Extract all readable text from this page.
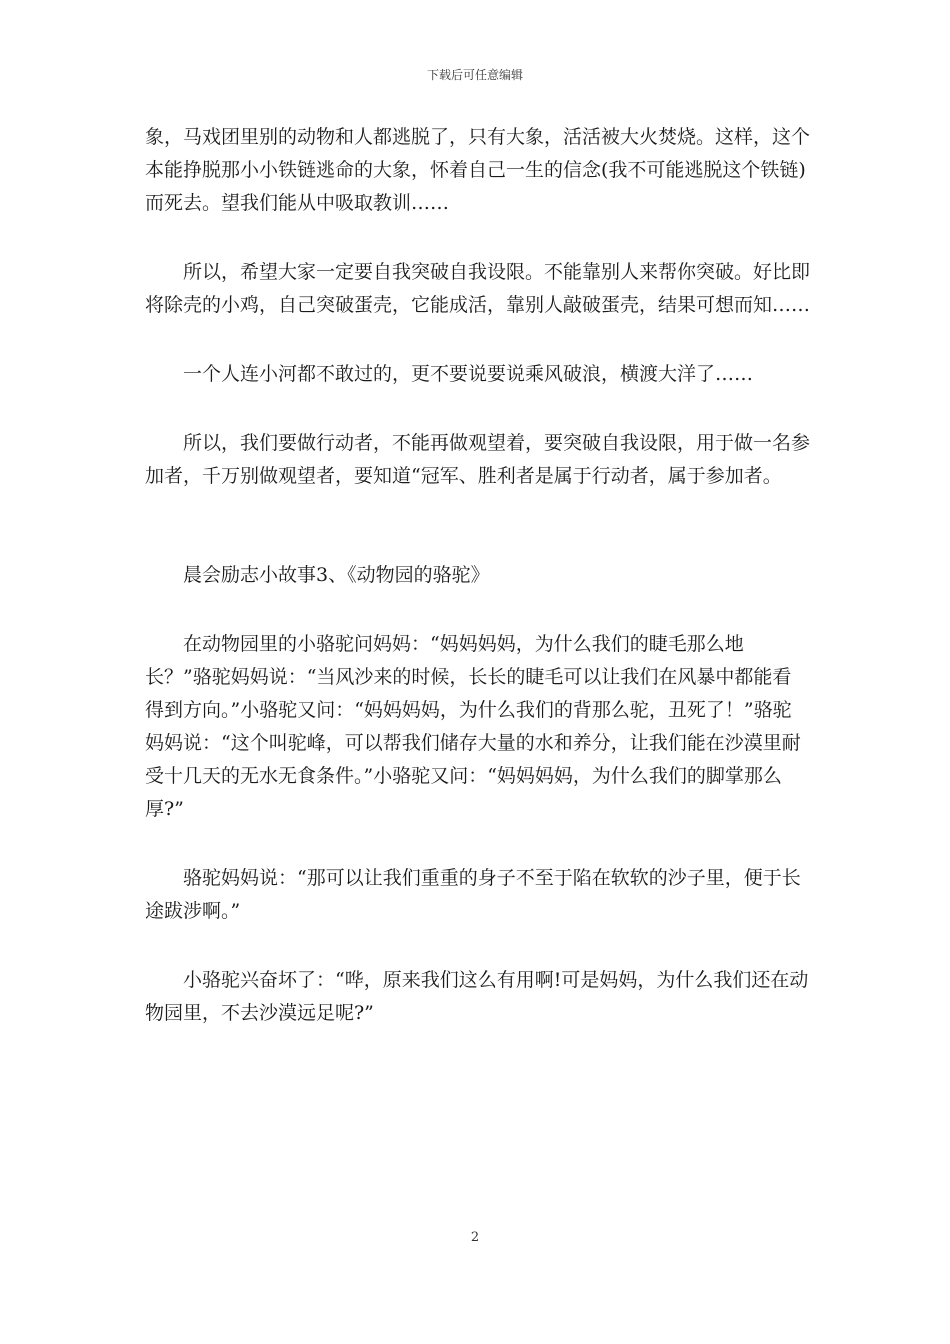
下载后可任意编辑

象，马戏团里别的动物和人都逃脱了，只有大象，活活被大火焚烧。这样，这个本能挣脱那小小铁链逃命的大象，怀着自己一生的信念(我不可能逃脱这个铁链)而死去。望我们能从中吸取教训……

所以，希望大家一定要自我突破自我设限。不能靠别人来帮你突破。好比即将除壳的小鸡，自己突破蛋壳，它能成活，靠别人敲破蛋壳，结果可想而知……

一个人连小河都不敢过的，更不要说要说乘风破浪，横渡大洋了……

所以，我们要做行动者，不能再做观望着，要突破自我设限，用于做一名参加者，千万别做观望者，要知道“冠军、胜利者是属于行动者，属于参加者。

晨会励志小故事3、《动物园的骆驼》

在动物园里的小骆驼问妈妈：“妈妈妈妈，为什么我们的睫毛那么地长？”骆驼妈妈说：“当风沙来的时候，长长的睫毛可以让我们在风暴中都能看得到方向。”小骆驼又问：“妈妈妈妈，为什么我们的背那么驼，丑死了！”骆驼妈妈说：“这个叫驼峰，可以帮我们储存大量的水和养分，让我们能在沙漠里耐受十几天的无水无食条件。”小骆驼又问：“妈妈妈妈，为什么我们的脚掌那么厚?”

骆驼妈妈说：“那可以让我们重重的身子不至于陷在软软的沙子里，便于长途跋涉啊。”

小骆驼兴奋坏了：“哗，原来我们这么有用啊!可是妈妈，为什么我们还在动物园里，不去沙漠远足呢?”

2
